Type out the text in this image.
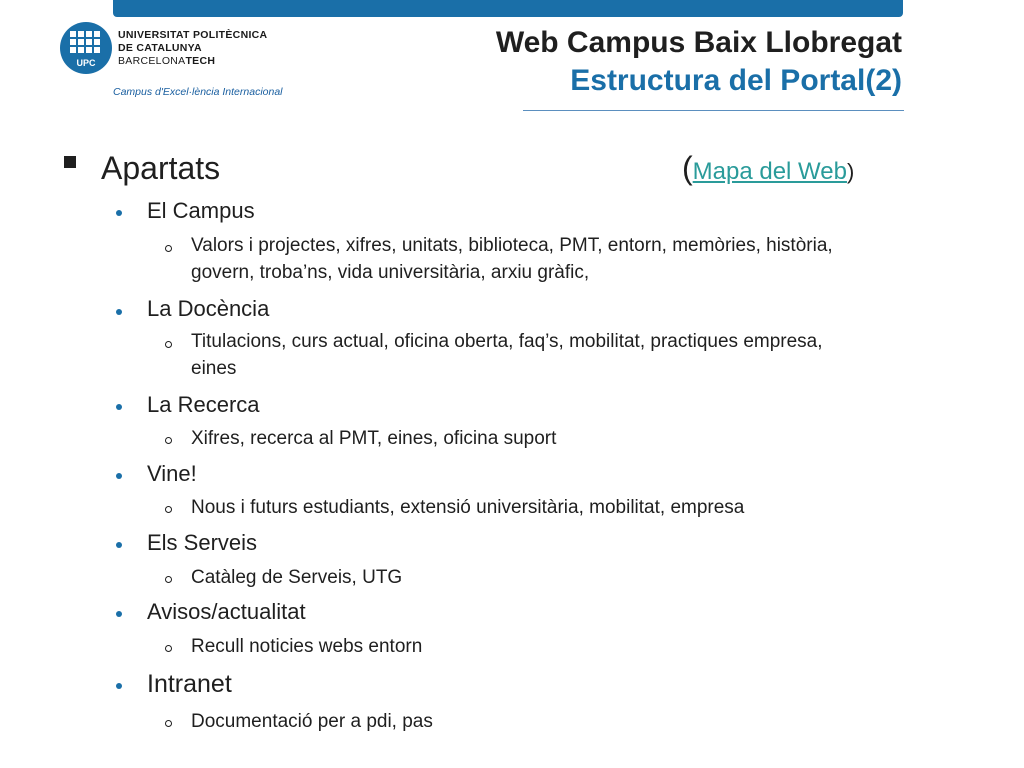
UPC
UNIVERSITAT POLITÈCNICA
DE CATALUNYA
BARCELONATECH
Campus d'Excel·lència Internacional
Web Campus Baix Llobregat
Estructura del Portal(2)
Apartats	(Mapa del Web)
El Campus
Valors i projectes, xifres, unitats, biblioteca, PMT, entorn, memòries, història, govern, troba’ns, vida universitària, arxiu gràfic,
La Docència
Titulacions, curs actual, oficina oberta, faq’s, mobilitat, practiques empresa, eines
La Recerca
Xifres, recerca al PMT, eines, oficina suport
Vine!
Nous i futurs estudiants, extensió universitària, mobilitat, empresa
Els Serveis
Catàleg de Serveis, UTG
Avisos/actualitat
Recull noticies webs entorn
Intranet
Documentació per a pdi, pas
